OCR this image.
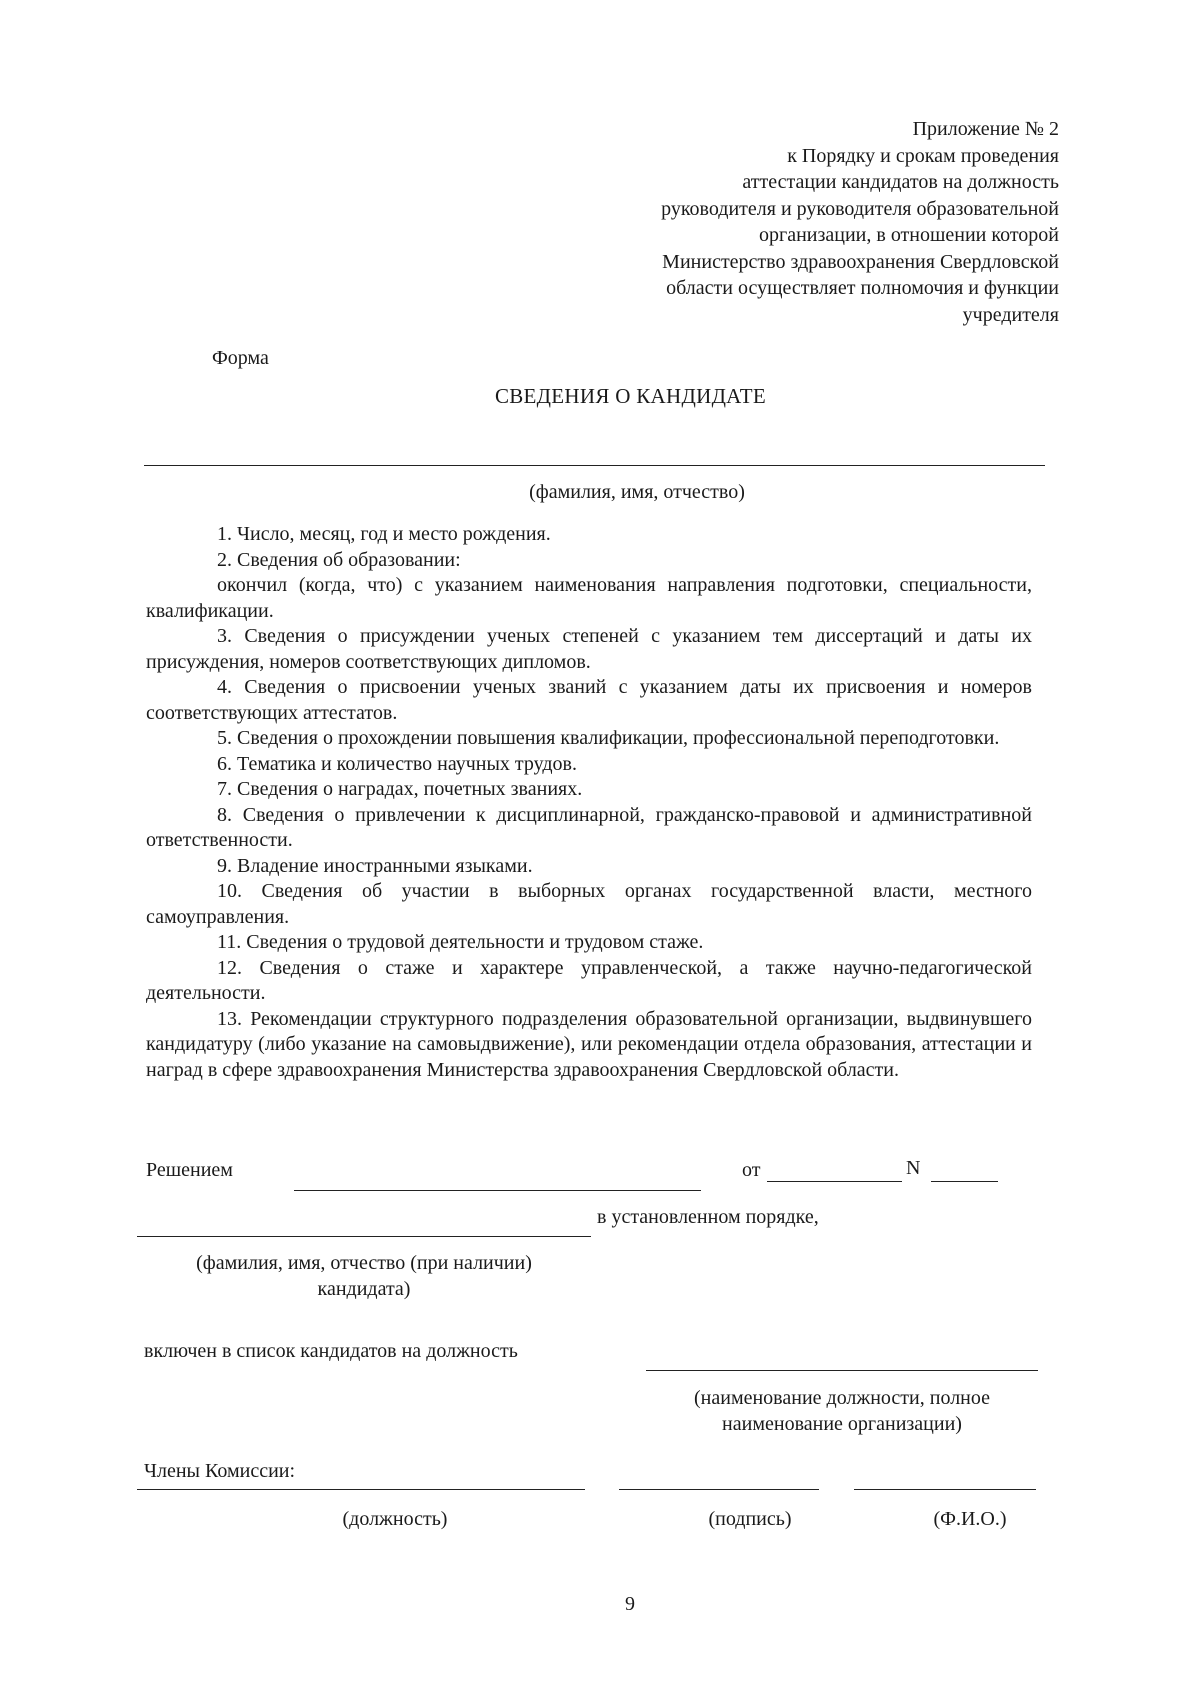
Приложение № 2
к Порядку и срокам проведения
аттестации кандидатов на должность
руководителя и руководителя образовательной
организации, в отношении которой
Министерство здравоохранения Свердловской
области осуществляет полномочия и функции
учредителя
Форма
СВЕДЕНИЯ О КАНДИДАТЕ
(фамилия, имя, отчество)

1. Число, месяц, год и место рождения.

2. Сведения об образовании:

окончил (когда, что) с указанием наименования направления подготовки, специальности, квалификации.

3. Сведения о присуждении ученых степеней с указанием тем диссертаций и даты их присуждения, номеров соответствующих дипломов.

4. Сведения о присвоении ученых званий с указанием даты их присвоения и номеров соответствующих аттестатов.

5. Сведения о прохождении повышения квалификации, профессиональной переподготовки.

6. Тематика и количество научных трудов.

7. Сведения о наградах, почетных званиях.

8. Сведения о привлечении к дисциплинарной, гражданско-правовой и административной ответственности.

9. Владение иностранными языками.

10. Сведения об участии в выборных органах государственной власти, местного самоуправления.

11. Сведения о трудовой деятельности и трудовом стаже.

12. Сведения о стаже и характере управленческой, а также научно-педагогической деятельности.

13. Рекомендации структурного подразделения образовательной организации, выдвинувшего кандидатуру (либо указание на самовыдвижение), или рекомендации отдела образования, аттестации и наград в сфере здравоохранения Министерства здравоохранения Свердловской области.

Решением	от	N
в установленном порядке,
(фамилия, имя, отчество (при наличии)
кандидата)
включен в список кандидатов на должность
(наименование должности, полное
наименование организации)
Члены Комиссии:
(должность)	(подпись)	(Ф.И.О.)
9
